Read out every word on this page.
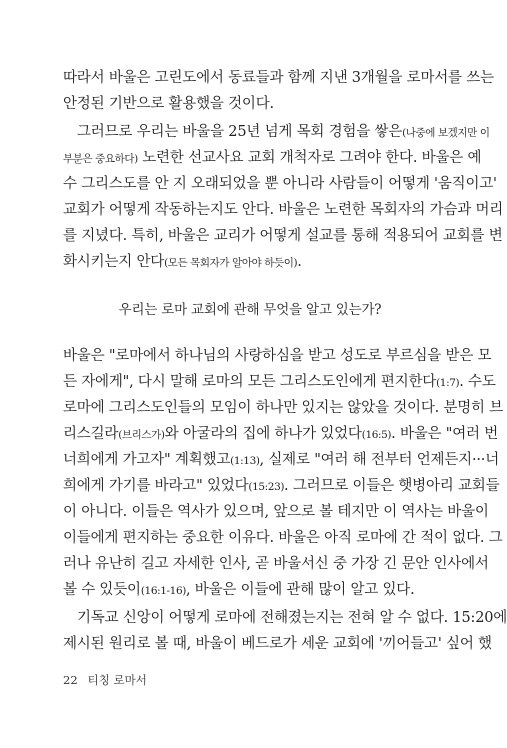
따라서 바울은 고린도에서 동료들과 함께 지낸 3개월을 로마서를 쓰는
안정된 기반으로 활용했을 것이다.
그러므로 우리는 바울을 25년 넘게 목회 경험을 쌓은(나중에 보겠지만 이
부분은 중요하다) 노련한 선교사요 교회 개척자로 그려야 한다. 바울은 예
수 그리스도를 안 지 오래되었을 뿐 아니라 사람들이 어떻게 '움직이고'
교회가 어떻게 작동하는지도 안다. 바울은 노련한 목회자의 가슴과 머리
를 지녔다. 특히, 바울은 교리가 어떻게 설교를 통해 적용되어 교회를 변
화시키는지 안다(모든 목회자가 알아야 하듯이).
우리는 로마 교회에 관해 무엇을 알고 있는가?
바울은 "로마에서 하나님의 사랑하심을 받고 성도로 부르심을 받은 모
든 자에게", 다시 말해 로마의 모든 그리스도인에게 편지한다(1:7). 수도
로마에 그리스도인들의 모임이 하나만 있지는 않았을 것이다. 분명히 브
리스길라(브리스가)와 아굴라의 집에 하나가 있었다(16:5). 바울은 "여러 번
너희에게 가고자" 계획했고(1:13), 실제로 "여러 해 전부터 언제든지···너
희에게 가기를 바라고" 있었다(15:23). 그러므로 이들은 햇병아리 교회들
이 아니다. 이들은 역사가 있으며, 앞으로 볼 테지만 이 역사는 바울이
이들에게 편지하는 중요한 이유다. 바울은 아직 로마에 간 적이 없다. 그
러나 유난히 길고 자세한 인사, 곧 바울서신 중 가장 긴 문안 인사에서
볼 수 있듯이(16:1-16), 바울은 이들에 관해 많이 알고 있다.
기독교 신앙이 어떻게 로마에 전해졌는지는 전혀 알 수 없다. 15:20에
제시된 원리로 볼 때, 바울이 베드로가 세운 교회에 '끼어들고' 싶어 했
22 티칭 로마서
